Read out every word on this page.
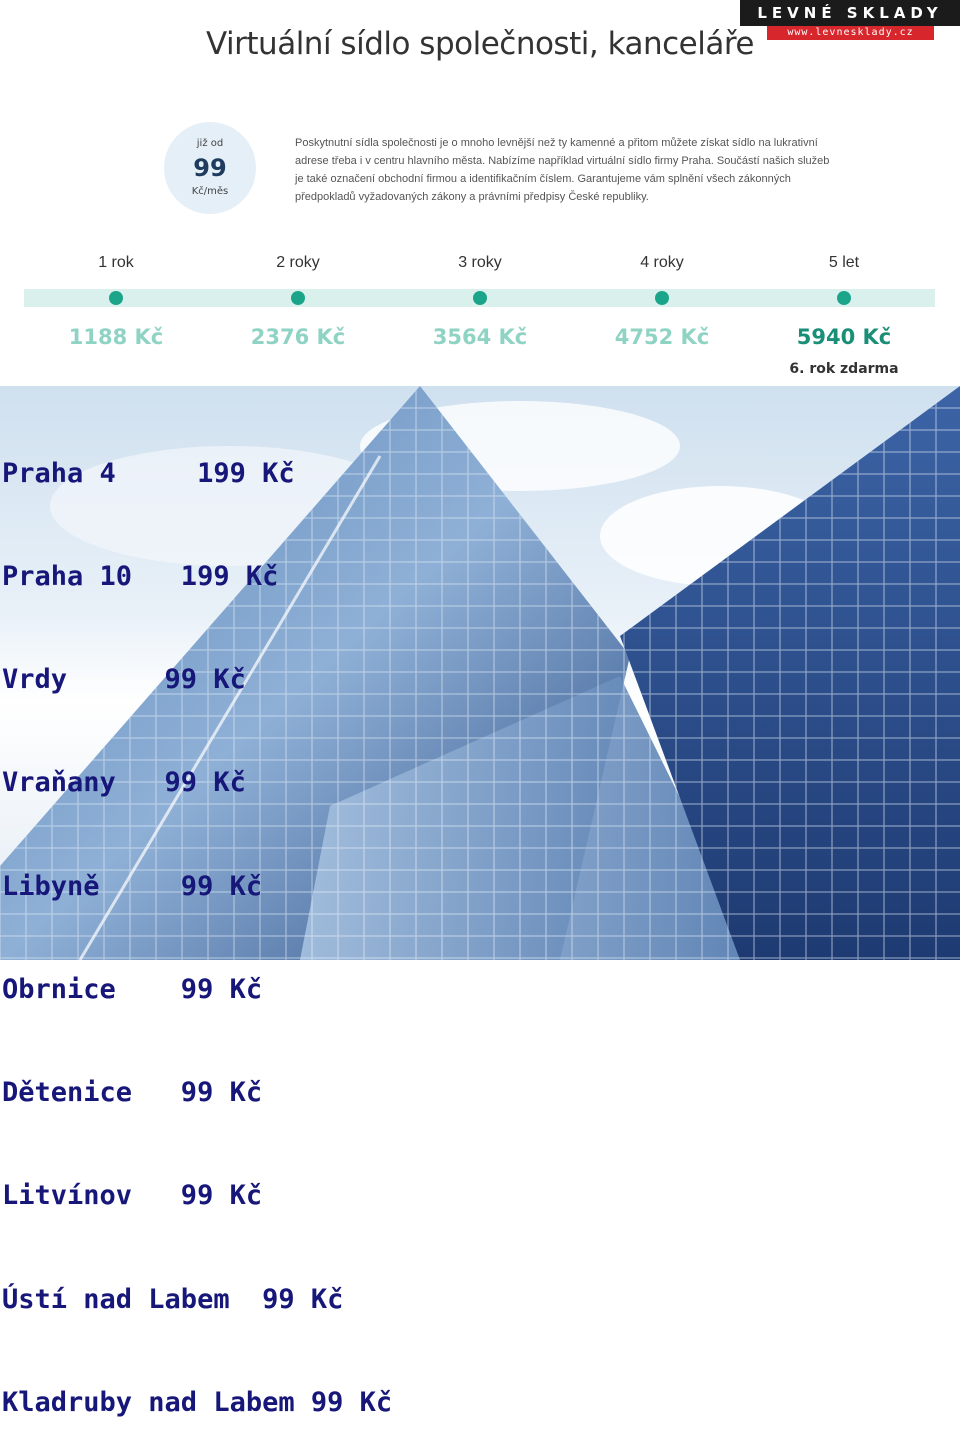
LEVNÉ SKLADY
www.levnesklady.cz
Virtuální sídlo společnosti, kanceláře
již od
99
Kč/měs
Poskytnutní sídla společnosti je o mnoho levnější než ty kamenné a přitom můžete získat sídlo na lukrativní adrese třeba i v centru hlavního města. Nabízíme například virtuální sídlo firmy Praha. Součástí našich služeb je také označení obchodní firmou a identifikačním číslem. Garantujeme vám splnění všech zákonných předpokladů vyžadovaných zákony a právními předpisy České republiky.
1 rok	2 roky	3 roky	4 roky	5 let
1188 Kč	2376 Kč	3564 Kč	4752 Kč	5940 Kč
6. rok zdarma

Praha 4     199 Kč

Praha 10   199 Kč

Vrdy      99 Kč

Vraňany   99 Kč

Libyně     99 Kč

Obrnice    99 Kč

Dětenice   99 Kč

Litvínov   99 Kč

Ústí nad Labem  99 Kč

Kladruby nad Labem 99 Kč
